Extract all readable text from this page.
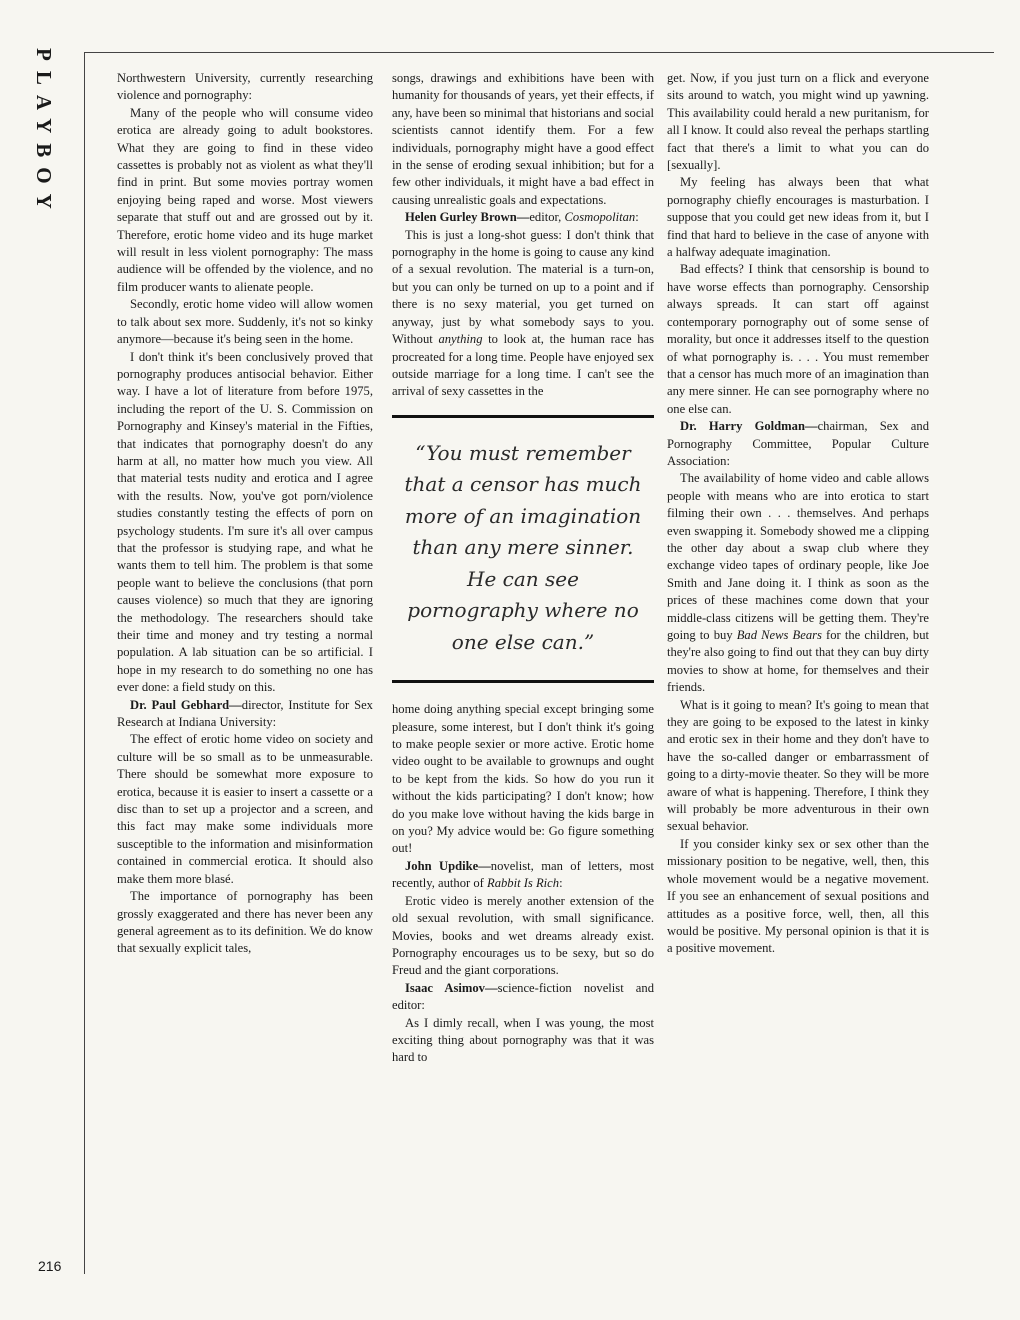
PLAYBOY
216

Northwestern University, currently researching violence and pornography:

Many of the people who will consume video erotica are already going to adult bookstores. What they are going to find in these video cassettes is probably not as violent as what they'll find in print. But some movies portray women enjoying being raped and worse. Most viewers separate that stuff out and are grossed out by it. Therefore, erotic home video and its huge market will result in less violent pornography: The mass audience will be offended by the violence, and no film producer wants to alienate people.

Secondly, erotic home video will allow women to talk about sex more. Suddenly, it's not so kinky anymore—because it's being seen in the home.

I don't think it's been conclusively proved that pornography produces antisocial behavior. Either way. I have a lot of literature from before 1975, including the report of the U. S. Commission on Pornography and Kinsey's material in the Fifties, that indicates that pornography doesn't do any harm at all, no matter how much you view. All that material tests nudity and erotica and I agree with the results. Now, you've got porn/violence studies constantly testing the effects of porn on psychology students. I'm sure it's all over campus that the professor is studying rape, and what he wants them to tell him. The problem is that some people want to believe the conclusions (that porn causes violence) so much that they are ignoring the methodology. The researchers should take their time and money and try testing a normal population. A lab situation can be so artificial. I hope in my research to do something no one has ever done: a field study on this.

Dr. Paul Gebhard—director, Institute for Sex Research at Indiana University:

The effect of erotic home video on society and culture will be so small as to be unmeasurable. There should be somewhat more exposure to erotica, because it is easier to insert a cassette or a disc than to set up a projector and a screen, and this fact may make some individuals more susceptible to the information and misinformation contained in commercial erotica. It should also make them more blasé.

The importance of pornography has been grossly exaggerated and there has never been any general agreement as to its definition. We do know that sexually explicit tales,

songs, drawings and exhibitions have been with humanity for thousands of years, yet their effects, if any, have been so minimal that historians and social scientists cannot identify them. For a few individuals, pornography might have a good effect in the sense of eroding sexual inhibition; but for a few other individuals, it might have a bad effect in causing unrealistic goals and expectations.

Helen Gurley Brown—editor, Cosmopolitan:

This is just a long-shot guess: I don't think that pornography in the home is going to cause any kind of a sexual revolution. The material is a turn-on, but you can only be turned on up to a point and if there is no sexy material, you get turned on anyway, just by what somebody says to you. Without anything to look at, the human race has procreated for a long time. People have enjoyed sex outside marriage for a long time. I can't see the arrival of sexy cassettes in the

“You must remember that a censor has much more of an imagination than any mere sinner. He can see pornography where no one else can.”

home doing anything special except bringing some pleasure, some interest, but I don't think it's going to make people sexier or more active. Erotic home video ought to be available to grownups and ought to be kept from the kids. So how do you run it without the kids participating? I don't know; how do you make love without having the kids barge in on you? My advice would be: Go figure something out!

John Updike—novelist, man of letters, most recently, author of Rabbit Is Rich:

Erotic video is merely another extension of the old sexual revolution, with small significance. Movies, books and wet dreams already exist. Pornography encourages us to be sexy, but so do Freud and the giant corporations.

Isaac Asimov—science-fiction novelist and editor:

As I dimly recall, when I was young, the most exciting thing about pornography was that it was hard to

get. Now, if you just turn on a flick and everyone sits around to watch, you might wind up yawning. This availability could herald a new puritanism, for all I know. It could also reveal the perhaps startling fact that there's a limit to what you can do [sexually].

My feeling has always been that what pornography chiefly encourages is masturbation. I suppose that you could get new ideas from it, but I find that hard to believe in the case of anyone with a halfway adequate imagination.

Bad effects? I think that censorship is bound to have worse effects than pornography. Censorship always spreads. It can start off against contemporary pornography out of some sense of morality, but once it addresses itself to the question of what pornography is. . . . You must remember that a censor has much more of an imagination than any mere sinner. He can see pornography where no one else can.

Dr. Harry Goldman—chairman, Sex and Pornography Committee, Popular Culture Association:

The availability of home video and cable allows people with means who are into erotica to start filming their own . . . themselves. And perhaps even swapping it. Somebody showed me a clipping the other day about a swap club where they exchange video tapes of ordinary people, like Joe Smith and Jane doing it. I think as soon as the prices of these machines come down that your middle-class citizens will be getting them. They're going to buy Bad News Bears for the children, but they're also going to find out that they can buy dirty movies to show at home, for themselves and their friends.

What is it going to mean? It's going to mean that they are going to be exposed to the latest in kinky and erotic sex in their home and they don't have to have the so-called danger or embarrassment of going to a dirty-movie theater. So they will be more aware of what is happening. Therefore, I think they will probably be more adventurous in their own sexual behavior.

If you consider kinky sex or sex other than the missionary position to be negative, well, then, this whole movement would be a negative movement. If you see an enhancement of sexual positions and attitudes as a positive force, well, then, all this would be positive. My personal opinion is that it is a positive movement.
